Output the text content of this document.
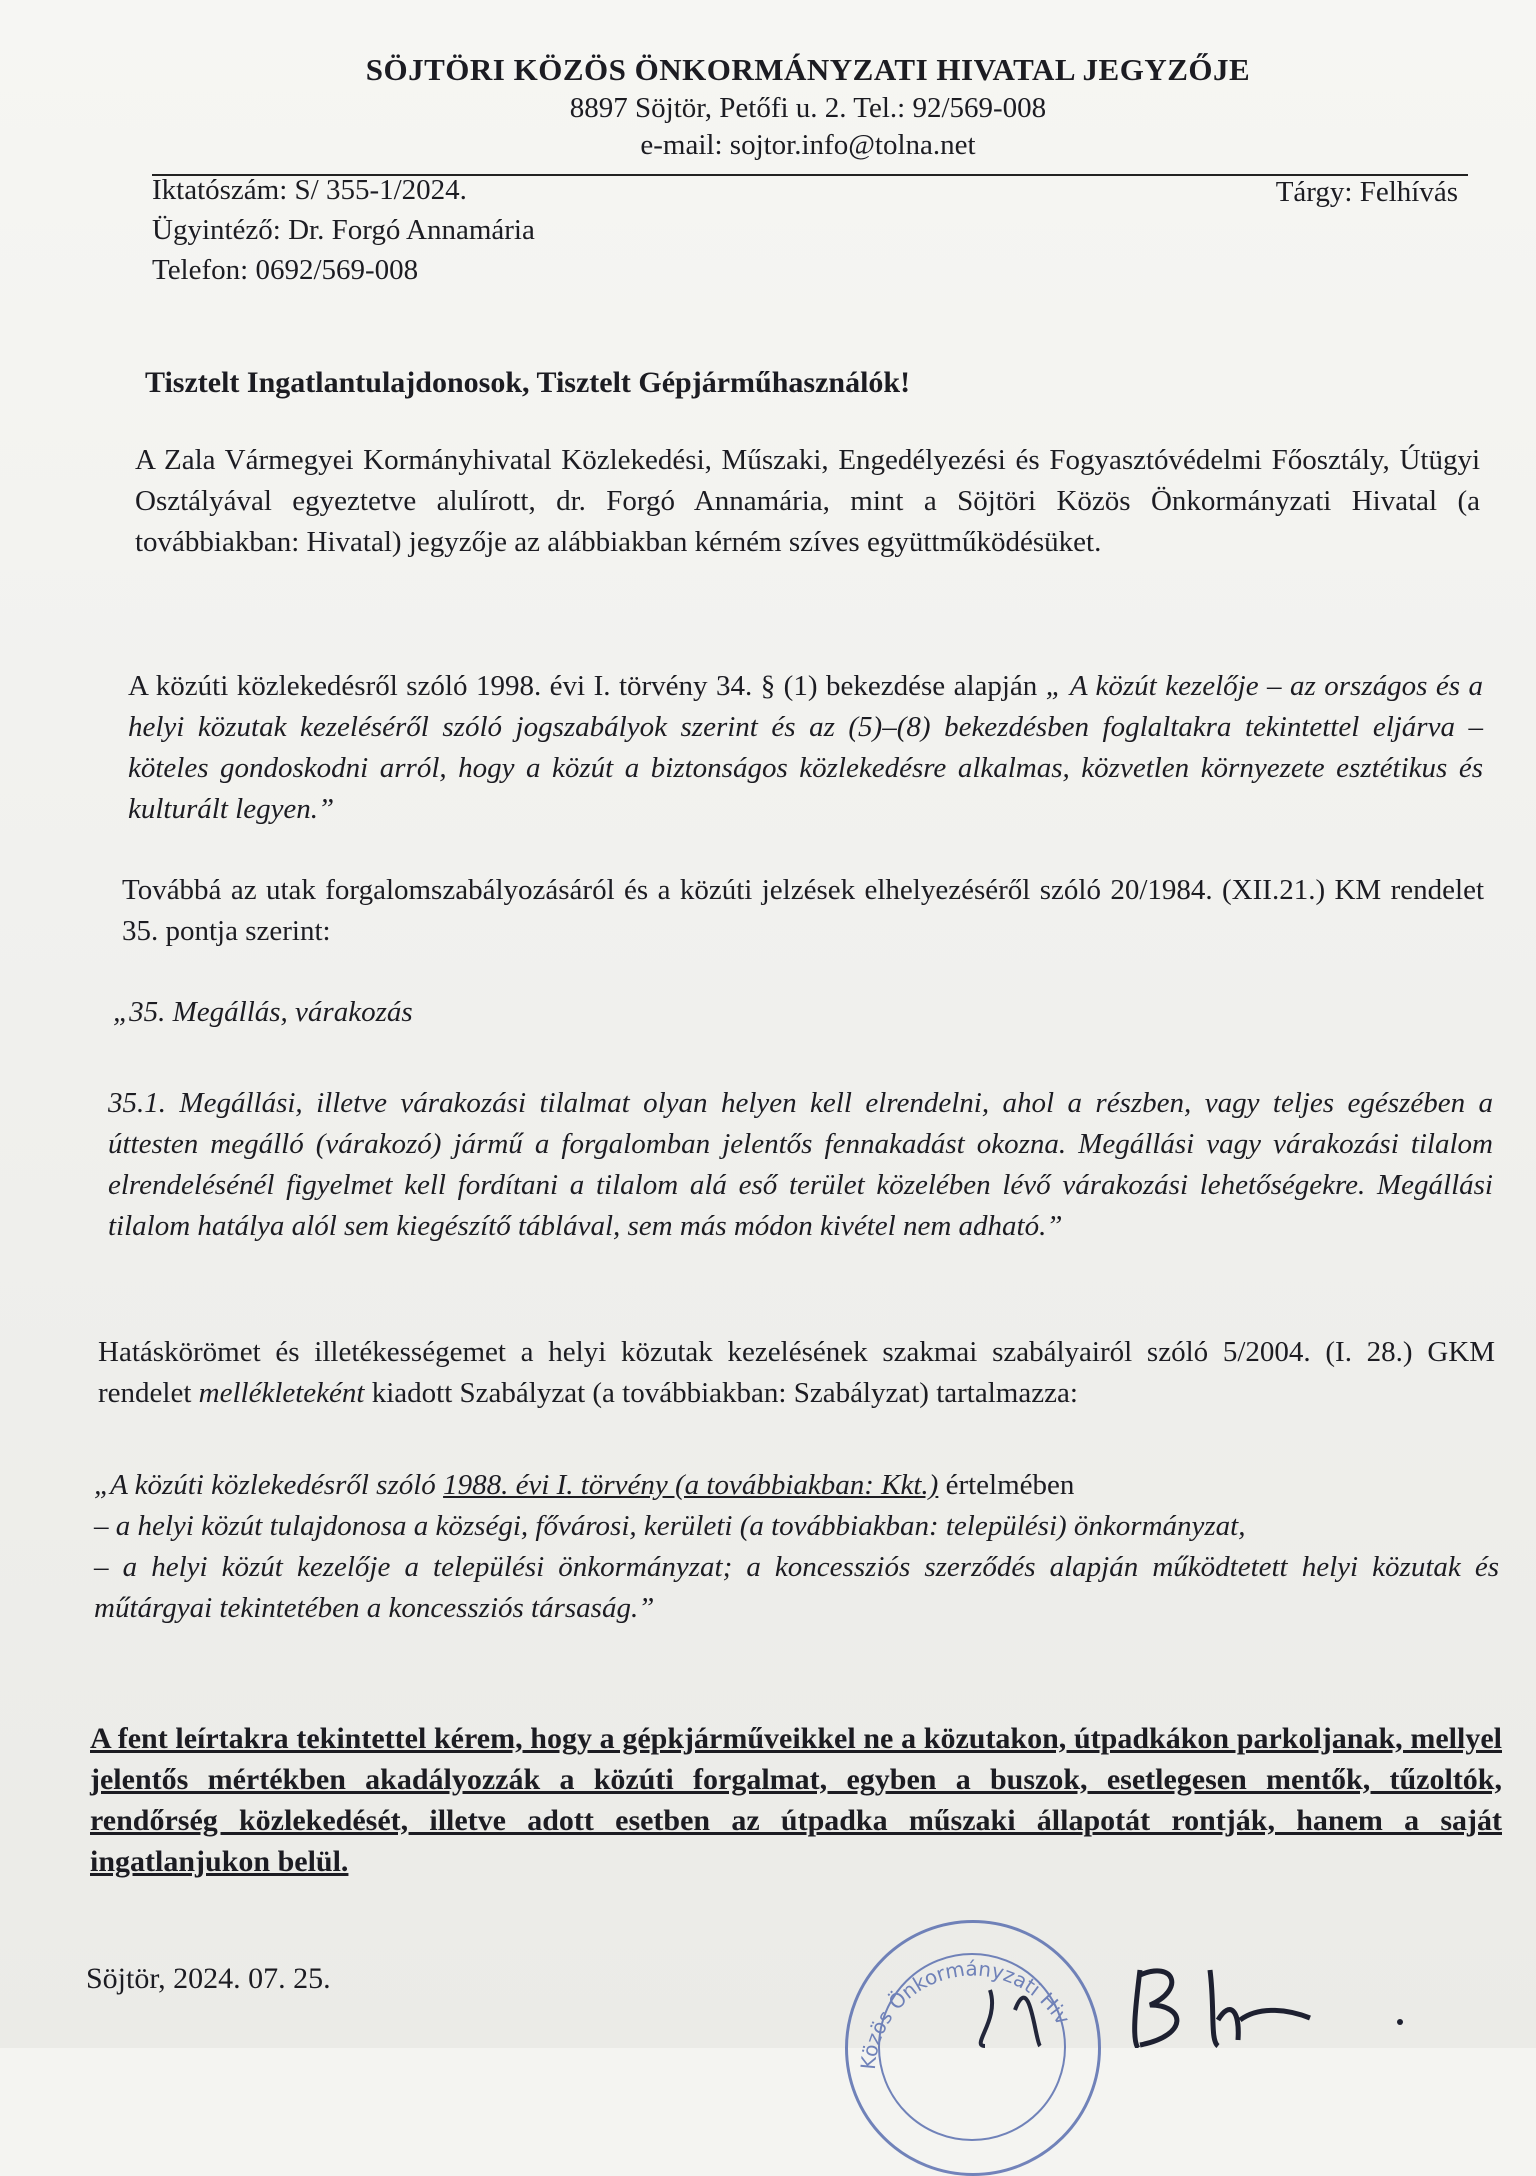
SÖJTÖRI KÖZÖS ÖNKORMÁNYZATI HIVATAL JEGYZŐJE
8897 Söjtör, Petőfi u. 2. Tel.: 92/569-008
e-mail: sojtor.info@tolna.net
Iktatószám: S/ 355-1/2024.
Ügyintéző: Dr. Forgó Annamária
Telefon: 0692/569-008
Tárgy: Felhívás
Tisztelt Ingatlantulajdonosok, Tisztelt Gépjárműhasználók!
A Zala Vármegyei Kormányhivatal Közlekedési, Műszaki, Engedélyezési és Fogyasztóvédelmi Főosztály, Útügyi Osztályával egyeztetve alulírott, dr. Forgó Annamária, mint a Söjtöri Közös Önkormányzati Hivatal (a továbbiakban: Hivatal) jegyzője az alábbiakban kérném szíves együttműködésüket.
A közúti közlekedésről szóló 1998. évi I. törvény 34. § (1) bekezdése alapján „ A közút kezelője – az országos és a helyi közutak kezeléséről szóló jogszabályok szerint és az (5)–(8) bekezdésben foglaltakra tekintettel eljárva – köteles gondoskodni arról, hogy a közút a biztonságos közlekedésre alkalmas, közvetlen környezete esztétikus és kulturált legyen.”
Továbbá az utak forgalomszabályozásáról és a közúti jelzések elhelyezéséről szóló 20/1984. (XII.21.) KM rendelet 35. pontja szerint:
„35. Megállás, várakozás
35.1. Megállási, illetve várakozási tilalmat olyan helyen kell elrendelni, ahol a részben, vagy teljes egészében a úttesten megálló (várakozó) jármű a forgalomban jelentős fennakadást okozna. Megállási vagy várakozási tilalom elrendelésénél figyelmet kell fordítani a tilalom alá eső terület közelében lévő várakozási lehetőségekre. Megállási tilalom hatálya alól sem kiegészítő táblával, sem más módon kivétel nem adható.”
Hatáskörömet és illetékességemet a helyi közutak kezelésének szakmai szabályairól szóló 5/2004. (I. 28.) GKM rendelet mellékleteként kiadott Szabályzat (a továbbiakban: Szabályzat) tartalmazza:
„A közúti közlekedésről szóló 1988. évi I. törvény (a továbbiakban: Kkt.) értelmében
– a helyi közút tulajdonosa a községi, fővárosi, kerületi (a továbbiakban: települési) önkormányzat,
– a helyi közút kezelője a települési önkormányzat; a koncessziós szerződés alapján működtetett helyi közutak és műtárgyai tekintetében a koncessziós társaság.”
A fent leírtakra tekintettel kérem, hogy a gépkjárműveikkel ne a közutakon, útpadkákon parkoljanak, mellyel jelentős mértékben akadályozzák a közúti forgalmat, egyben a buszok, esetlegesen mentők, tűzoltók, rendőrség közlekedését, illetve adott esetben az útpadka műszaki állapotát rontják, hanem a saját ingatlanjukon belül.
Söjtör, 2024. 07. 25.
Közös Önkormányzati Hiv
